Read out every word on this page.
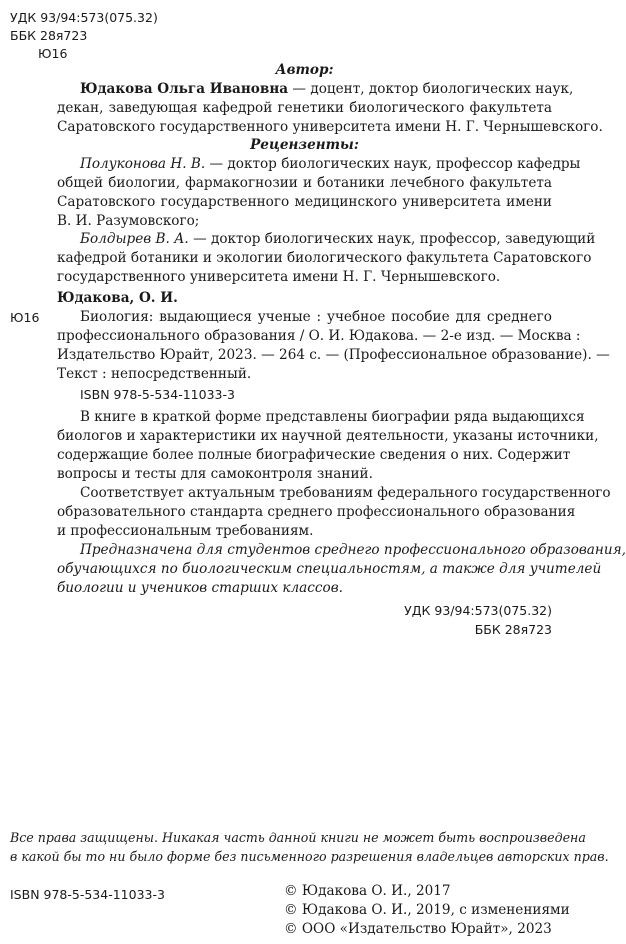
УДК 93/94:573(075.32)
ББК 28я723
Ю16
Автор:
Юдакова Ольга Ивановна — доцент, доктор биологических наук,
декан, заведующая кафедрой генетики биологического факультета
Саратовского государственного университета имени Н. Г. Чернышевского.
Рецензенты:
Полуконова Н. В. — доктор биологических наук, профессор кафедры
общей биологии, фармакогнозии и ботаники лечебного факультета
Саратовского государственного медицинского университета имени
В. И. Разумовского;
Болдырев В. А. — доктор биологических наук, профессор, заведующий
кафедрой ботаники и экологии биологического факультета Саратовского
государственного университета имени Н. Г. Чернышевского.
Юдакова, О. И.
Ю16	Биология: выдающиеся ученые : учебное пособие для среднего
профессионального образования / О. И. Юдакова. — 2-е изд. — Москва :
Издательство Юрайт, 2023. — 264 с. — (Профессиональное образование). —
Текст : непосредственный.
ISBN 978-5-534-11033-3
В книге в краткой форме представлены биографии ряда выдающихся
биологов и характеристики их научной деятельности, указаны источники,
содержащие более полные биографические сведения о них. Содержит
вопросы и тесты для самоконтроля знаний.
Соответствует актуальным требованиям федерального государственного
образовательного стандарта среднего профессионального образования
и профессиональным требованиям.
Предназначена для студентов среднего профессионального образования,
обучающихся по биологическим специальностям, а также для учителей
биологии и учеников старших классов.
УДК 93/94:573(075.32)
ББК 28я723
Все права защищены. Никакая часть данной книги не может быть воспроизведена
в какой бы то ни было форме без письменного разрешения владельцев авторских прав.
ISBN 978-5-534-11033-3	© Юдакова О. И., 2017
© Юдакова О. И., 2019, с изменениями
© ООО «Издательство Юрайт», 2023
